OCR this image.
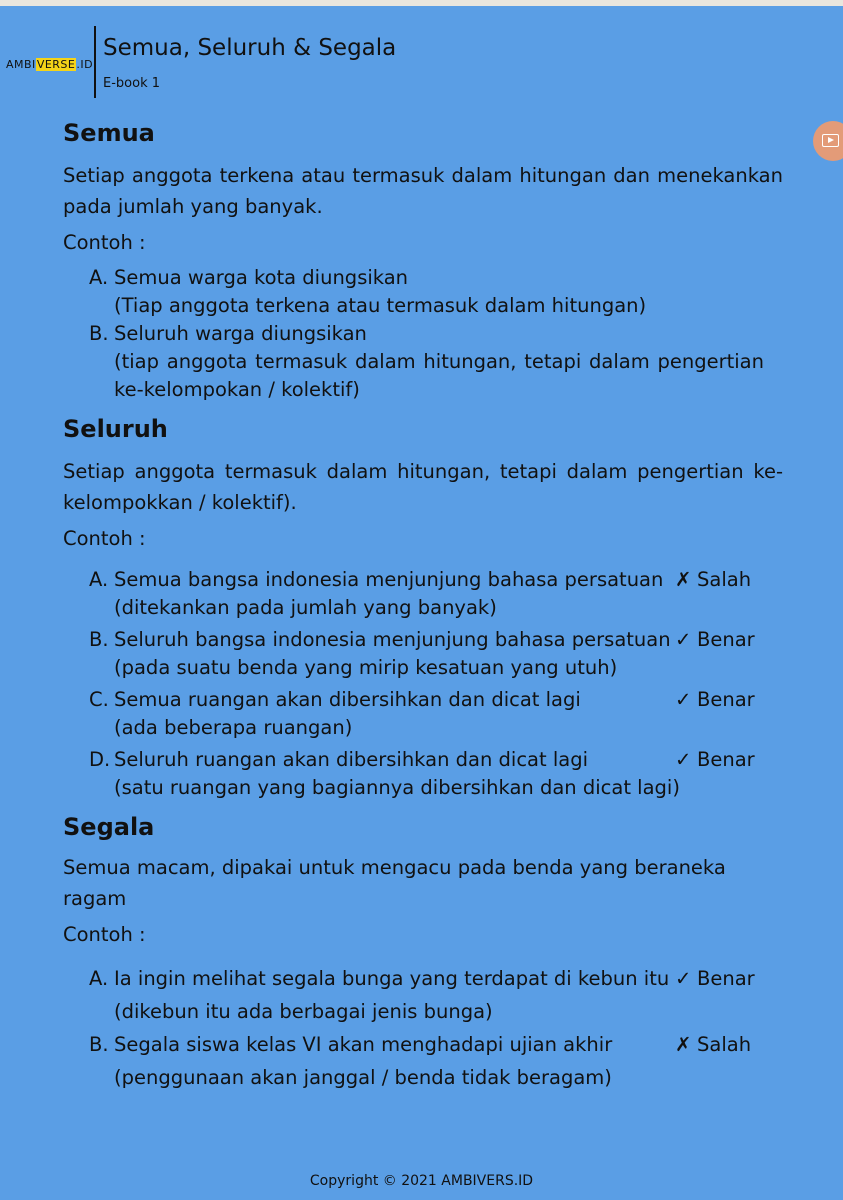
AMBIVERSE.ID
Semua, Seluruh & Segala
E-book 1
Semua

Setiap anggota terkena atau termasuk dalam hitungan dan menekankan pada jumlah yang banyak.

Contoh :
A. Semua warga kota diungsikan
(Tiap anggota terkena atau termasuk dalam hitungan)
B. Seluruh warga diungsikan
(tiap anggota termasuk dalam hitungan, tetapi dalam pengertian ke-kelompokan / kolektif)
Seluruh

Setiap anggota termasuk dalam hitungan, tetapi dalam pengertian ke-kelompokkan / kolektif).

Contoh :
A. Semua bangsa indonesia menjunjung bahasa persatuan
(ditekankan pada jumlah yang banyak)
✗ Salah
B. Seluruh bangsa indonesia menjunjung bahasa persatuan
(pada suatu benda yang mirip kesatuan yang utuh)
✓ Benar
C. Semua ruangan akan dibersihkan dan dicat lagi
(ada beberapa ruangan)
✓ Benar
D. Seluruh ruangan akan dibersihkan dan dicat lagi
(satu ruangan yang bagiannya dibersihkan dan dicat lagi)
✓ Benar
Segala

Semua macam, dipakai untuk mengacu pada benda yang beraneka ragam

Contoh :
A. Ia ingin melihat segala bunga yang terdapat di kebun itu
(dikebun itu ada berbagai jenis bunga)
✓ Benar
B. Segala siswa kelas VI akan menghadapi ujian akhir
(penggunaan akan janggal / benda tidak beragam)
✗ Salah
Copyright © 2021 AMBIVERS.ID
